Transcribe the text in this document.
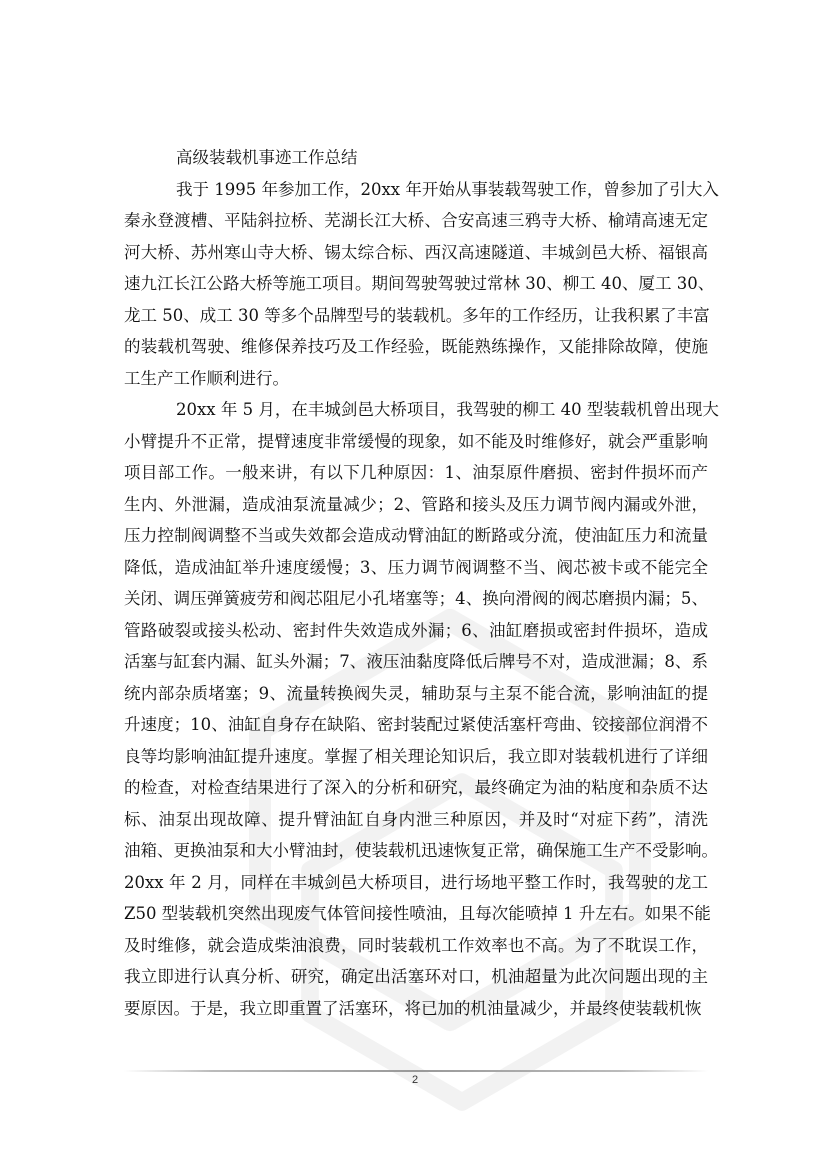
高级装载机事迹工作总结

我于 1995 年参加工作，20xx 年开始从事装载驾驶工作，曾参加了引大入
秦永登渡槽、平陆斜拉桥、芜湖长江大桥、合安高速三鸦寺大桥、榆靖高速无定
河大桥、苏州寒山寺大桥、锡太综合标、西汉高速隧道、丰城剑邑大桥、福银高
速九江长江公路大桥等施工项目。期间驾驶驾驶过常林 30、柳工 40、厦工 30、
龙工 50、成工 30 等多个品牌型号的装载机。多年的工作经历，让我积累了丰富
的装载机驾驶、维修保养技巧及工作经验，既能熟练操作，又能排除故障，使施
工生产工作顺利进行。

20xx 年 5 月，在丰城剑邑大桥项目，我驾驶的柳工 40 型装载机曾出现大
小臂提升不正常，提臂速度非常缓慢的现象，如不能及时维修好，就会严重影响
项目部工作。一般来讲，有以下几种原因：1、油泵原件磨损、密封件损坏而产
生内、外泄漏，造成油泵流量减少；2、管路和接头及压力调节阀内漏或外泄，
压力控制阀调整不当或失效都会造成动臂油缸的断路或分流，使油缸压力和流量
降低，造成油缸举升速度缓慢；3、压力调节阀调整不当、阀芯被卡或不能完全
关闭、调压弹簧疲劳和阀芯阻尼小孔堵塞等；4、换向滑阀的阀芯磨损内漏；5、
管路破裂或接头松动、密封件失效造成外漏；6、油缸磨损或密封件损坏，造成
活塞与缸套内漏、缸头外漏；7、液压油黏度降低后牌号不对，造成泄漏；8、系
统内部杂质堵塞；9、流量转换阀失灵，辅助泵与主泵不能合流，影响油缸的提
升速度；10、油缸自身存在缺陷、密封装配过紧使活塞杆弯曲、铰接部位润滑不
良等均影响油缸提升速度。掌握了相关理论知识后，我立即对装载机进行了详细
的检查，对检查结果进行了深入的分析和研究，最终确定为油的粘度和杂质不达
标、油泵出现故障、提升臂油缸自身内泄三种原因，并及时“对症下药”，清洗
油箱、更换油泵和大小臂油封，使装载机迅速恢复正常，确保施工生产不受影响。
20xx 年 2 月，同样在丰城剑邑大桥项目，进行场地平整工作时，我驾驶的龙工
Z50 型装载机突然出现废气体管间接性喷油，且每次能喷掉 1 升左右。如果不能
及时维修，就会造成柴油浪费，同时装载机工作效率也不高。为了不耽误工作，
我立即进行认真分析、研究，确定出活塞环对口，机油超量为此次问题出现的主
要原因。于是，我立即重置了活塞环，将已加的机油量减少，并最终使装载机恢

2
